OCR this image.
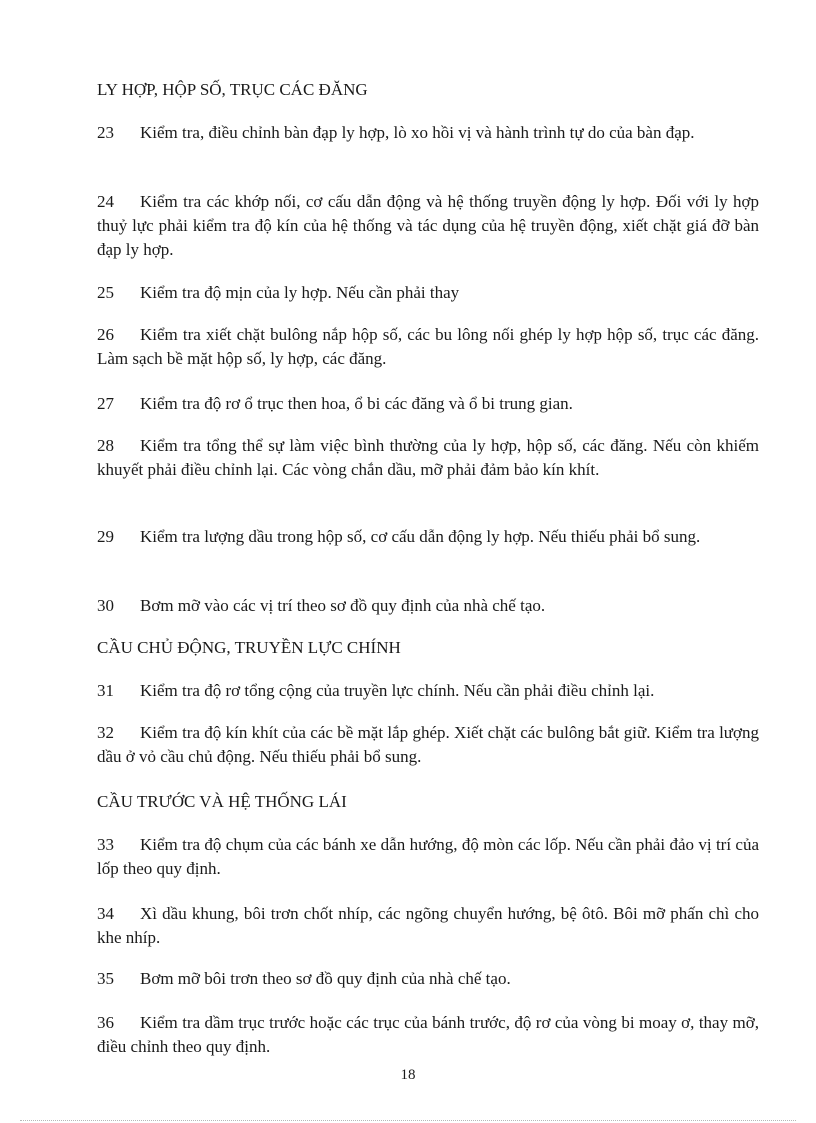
LY HỢP, HỘP SỐ, TRỤC CÁC ĐĂNG

23 Kiểm tra, điều chỉnh bàn đạp ly hợp, lò xo hồi vị và hành trình tự do của bàn đạp.

24 Kiểm tra các khớp nối, cơ cấu dẫn động và hệ thống truyền động ly hợp. Đối với ly hợp thuỷ lực phải kiểm tra độ kín của hệ thống và tác dụng của hệ truyền động, xiết chặt giá đỡ bàn đạp ly hợp.

25 Kiểm tra độ mịn của ly hợp. Nếu cần phải thay

26 Kiểm tra xiết chặt bulông nắp hộp số, các bu lông nối ghép ly hợp hộp số, trục các đăng. Làm sạch bề mặt hộp số, ly hợp, các đăng.

27 Kiểm tra độ rơ ổ trục then hoa, ổ bi các đăng và ổ bi trung gian.

28 Kiểm tra tổng thể sự làm việc bình thường của ly hợp, hộp số, các đăng. Nếu còn khiếm khuyết phải điều chỉnh lại. Các vòng chắn dầu, mỡ phải đảm bảo kín khít.

29 Kiểm tra lượng dầu trong hộp số, cơ cấu dẫn động ly hợp. Nếu thiếu phải bổ sung.

30 Bơm mỡ vào các vị trí theo sơ đồ quy định của nhà chế tạo.

CẦU CHỦ ĐỘNG, TRUYỀN LỰC CHÍNH

31 Kiểm tra độ rơ tổng cộng của truyền lực chính. Nếu cần phải điều chỉnh lại.

32 Kiểm tra độ kín khít của các bề mặt lắp ghép. Xiết chặt các bulông bắt giữ. Kiểm tra lượng dầu ở vỏ cầu chủ động. Nếu thiếu phải bổ sung.

CẦU TRƯỚC VÀ HỆ THỐNG LÁI

33 Kiểm tra độ chụm của các bánh xe dẫn hướng, độ mòn các lốp. Nếu cần phải đảo vị trí của lốp theo quy định.

34 Xì dầu khung, bôi trơn chốt nhíp, các ngõng chuyển hướng, bệ ôtô. Bôi mỡ phấn chì cho khe nhíp.

35 Bơm mỡ bôi trơn theo sơ đồ quy định của nhà chế tạo.

36 Kiểm tra dầm trục trước hoặc các trục của bánh trước, độ rơ của vòng bi moay ơ, thay mỡ, điều chỉnh theo quy định.

18
